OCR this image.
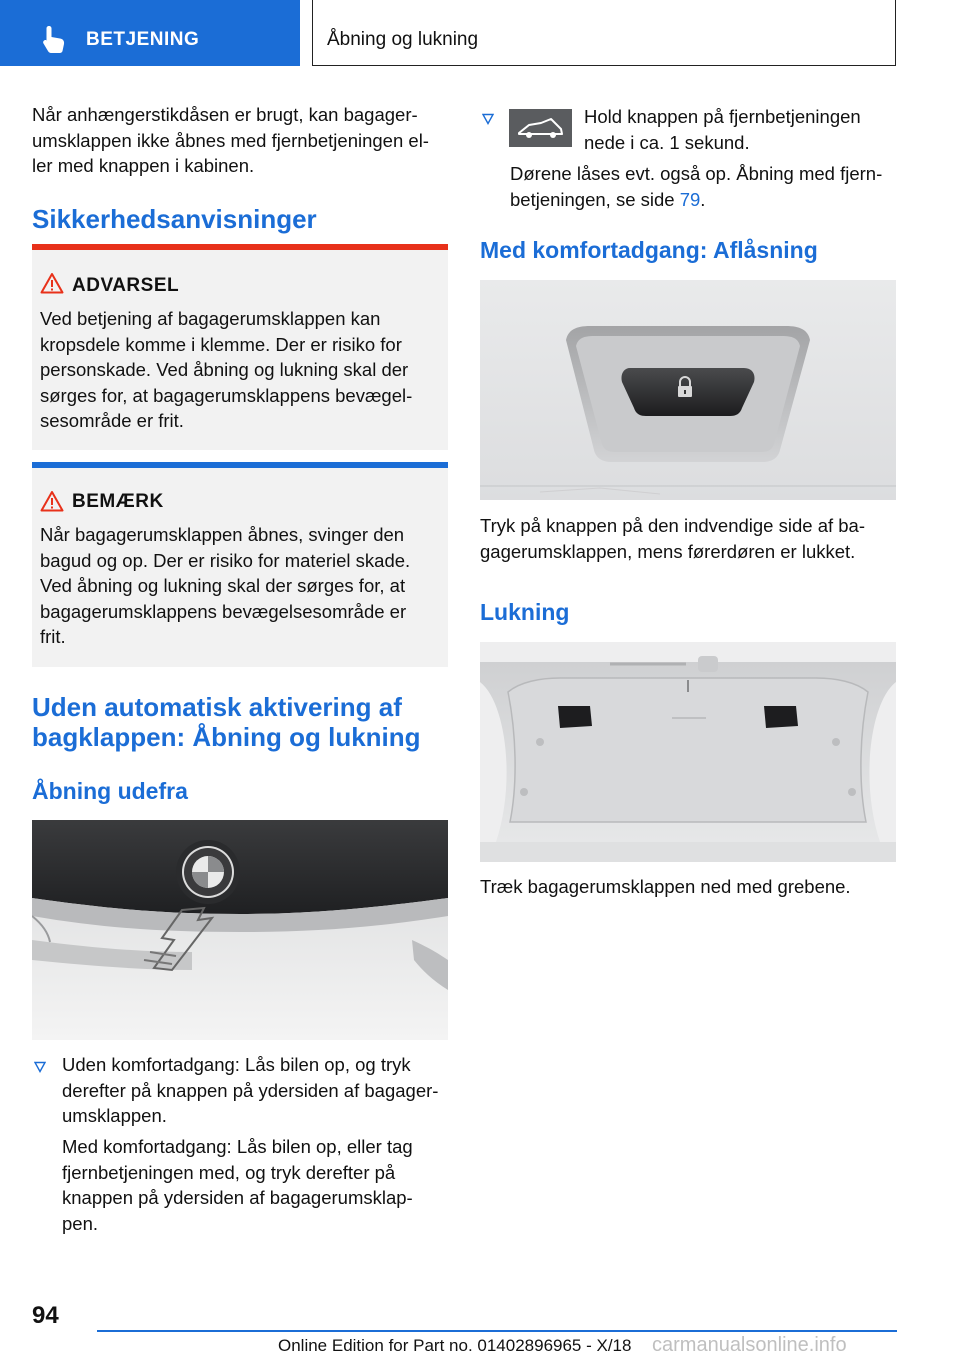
BETJENING	Åbning og lukning
Når anhængerstikdåsen er brugt, kan bagager‐
umsklappen ikke åbnes med fjernbetjeningen el‐
ler med knappen i kabinen.
Sikkerhedsanvisninger
ADVARSEL
Ved betjening af bagagerumsklappen kan
kropsdele komme i klemme. Der er risiko for
personskade. Ved åbning og lukning skal der
sørges for, at bagagerumsklappens bevægel‐
sesområde er frit.
BEMÆRK
Når bagagerumsklappen åbnes, svinger den
bagud og op. Der er risiko for materiel skade.
Ved åbning og lukning skal der sørges for, at
bagagerumsklappens bevægelsesområde er
frit.
Uden automatisk aktivering af
bagklappen: Åbning og lukning
Åbning udefra
Uden komfortadgang: Lås bilen op, og tryk
derefter på knappen på ydersiden af bagager‐
umsklappen.
Med komfortadgang: Lås bilen op, eller tag
fjernbetjeningen med, og tryk derefter på
knappen på ydersiden af bagagerumsklap‐
pen.
Hold knappen på fjernbetjeningen
nede i ca. 1 sekund.
Dørene låses evt. også op. Åbning med fjern‐
betjeningen, se side 79.
Med komfortadgang: Aflåsning
Tryk på knappen på den indvendige side af ba‐
gagerumsklappen, mens førerdøren er lukket.
Lukning
Træk bagagerumsklappen ned med grebene.
94
Online Edition for Part no. 01402896965 - X/18 carmanualsonline.info
